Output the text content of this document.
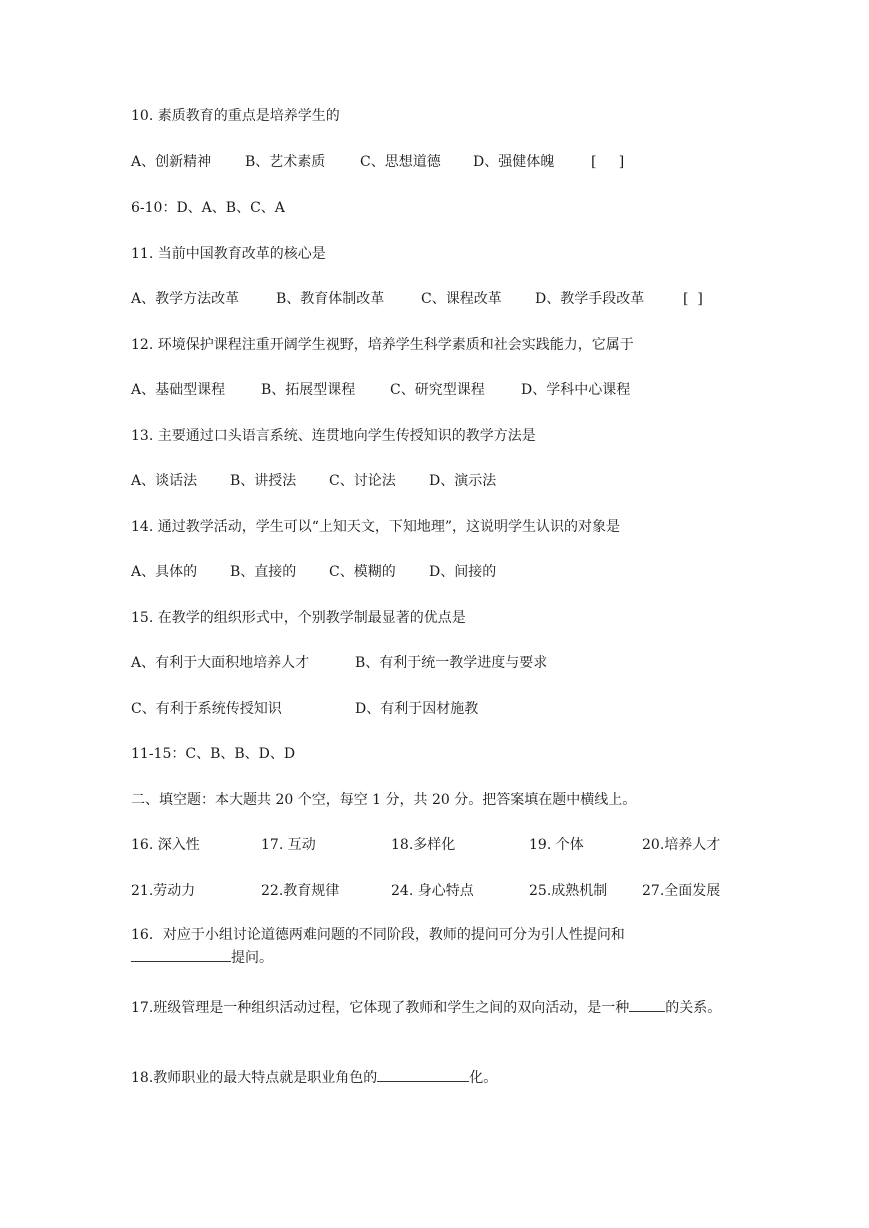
10. 素质教育的重点是培养学生的
A、创新精神 B、艺术素质 C、思想道德 D、强健体魄	[     ]
6-10：D、A、B、C、A
11. 当前中国教育改革的核心是
A、教学方法改革	B、教育体制改革	C、课程改革 D、教学手段改革	[  ]
12. 环境保护课程注重开阔学生视野，培养学生科学素质和社会实践能力，它属于
A、基础型课程	B、拓展型课程 C、研究型课程	D、学科中心课程
13. 主要通过口头语言系统、连贯地向学生传授知识的教学方法是
A、谈话法 B、讲授法 C、讨论法 D、演示法
14. 通过教学活动，学生可以“上知天文，下知地理”，这说明学生认识的对象是
A、具体的 B、直接的 C、模糊的 D、间接的
15. 在教学的组织形式中，个别教学制最显著的优点是
A、有利于大面积地培养人才	B、有利于统一教学进度与要求
C、有利于系统传授知识	D、有利于因材施教
11-15：C、B、B、D、D
二、填空题：本大题共 20 个空，每空 1 分，共 20 分。把答案填在题中横线上。
16. 深入性	17. 互动	18.多样化	19. 个体	20.培养人才
21.劳动力	22.教育规律	24. 身心特点	25.成熟机制 27.全面发展
16．对应于小组讨论道德两难问题的不同阶段，教师的提问可分为引人性提问和
提问。
17.班级管理是一种组织活动过程，它体现了教师和学生之间的双向活动，是一种	的关系。
18.教师职业的最大特点就是职业角色的	化。
